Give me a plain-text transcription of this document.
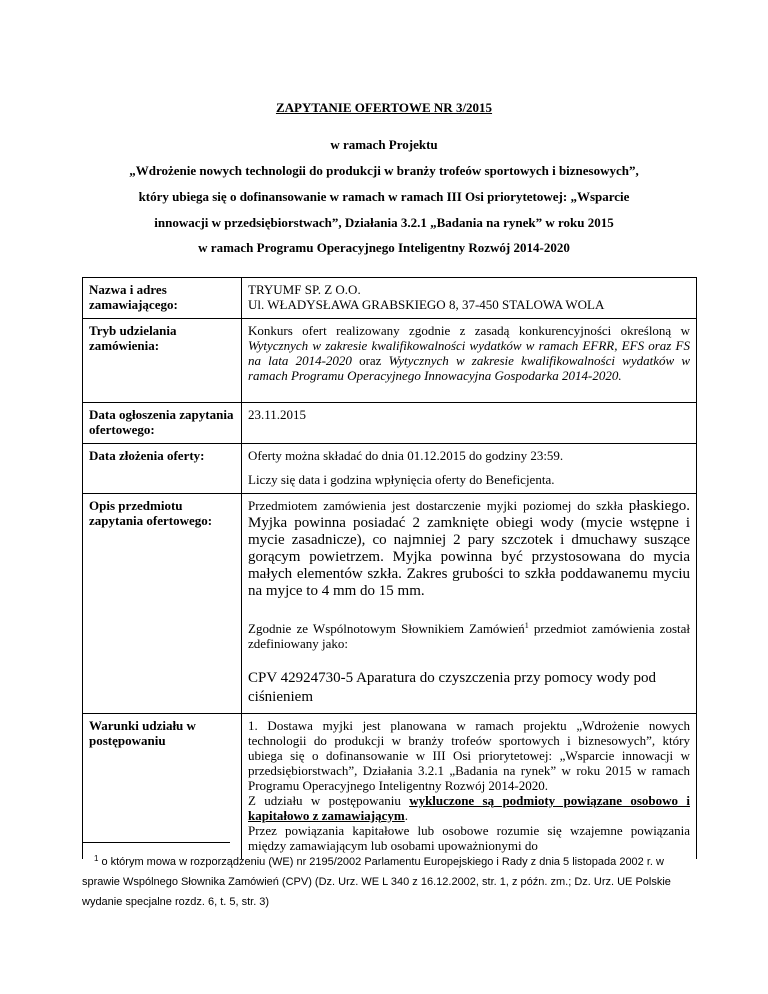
ZAPYTANIE OFERTOWE NR 3/2015
w ramach Projektu
„Wdrożenie nowych technologii do produkcji w branży trofeów sportowych i biznesowych”,
który ubiega się o dofinansowanie w ramach w ramach III Osi priorytetowej: „Wsparcie
innowacji w przedsiębiorstwach”, Działania 3.2.1 „Badania na rynek” w roku 2015
w ramach Programu Operacyjnego Inteligentny Rozwój 2014-2020
Nazwa i adres zamawiającego:	TRYUMF SP. Z O.O.

Ul. WŁADYSŁAWA GRABSKIEGO 8, 37-450 STALOWA WOLA

Tryb udzielania zamówienia:	Konkurs ofert realizowany zgodnie z zasadą konkurencyjności określoną w Wytycznych w zakresie kwalifikowalności wydatków w ramach EFRR, EFS oraz FS na lata 2014-2020 oraz Wytycznych w zakresie kwalifikowalności wydatków w ramach Programu Operacyjnego Innowacyjna Gospodarka 2014-2020.
Data ogłoszenia zapytania ofertowego:	23.11.2015
Data złożenia oferty:	Oferty można składać do dnia 01.12.2015 do godziny 23:59.

Liczy się data i godzina wpłynięcia oferty do Beneficjenta.

Opis przedmiotu zapytania ofertowego:	Przedmiotem zamówienia jest dostarczenie myjki poziomej do szkła płaskiego. Myjka powinna posiadać 2 zamknięte obiegi wody (mycie wstępne i mycie zasadnicze), co najmniej 2 pary szczotek i dmuchawy suszące gorącym powietrzem. Myjka powinna być przystosowana do mycia małych elementów szkła. Zakres grubości to szkła poddawanemu myciu na myjce to 4 mm do 15 mm.

Zgodnie ze Wspólnotowym Słownikiem Zamówień$^1$ przedmiot zamówienia został zdefiniowany jako:

CPV 42924730-5 Aparatura do czyszczenia przy pomocy wody pod ciśnieniem

Warunki udziału w postępowaniu	1. Dostawa myjki jest planowana w ramach projektu „Wdrożenie nowych technologii do produkcji w branży trofeów sportowych i biznesowych”, który ubiega się o dofinansowanie w III Osi priorytetowej: „Wsparcie innowacji w przedsiębiorstwach”, Działania 3.2.1 „Badania na rynek” w roku 2015 w ramach Programu Operacyjnego Inteligentny Rozwój 2014-2020.

Z udziału w postępowaniu wykluczone są podmioty powiązane osobowo i kapitałowo z zamawiającym.

Przez powiązania kapitałowe lub osobowe rozumie się wzajemne powiązania między zamawiającym lub osobami upoważnionymi do

$^1$ o którym mowa w rozporządzeniu (WE) nr 2195/2002 Parlamentu Europejskiego i Rady z dnia 5 listopada 2002 r. w sprawie Wspólnego Słownika Zamówień (CPV) (Dz. Urz. WE L 340 z 16.12.2002, str. 1, z późn. zm.; Dz. Urz. UE Polskie wydanie specjalne rozdz. 6, t. 5, str. 3)
